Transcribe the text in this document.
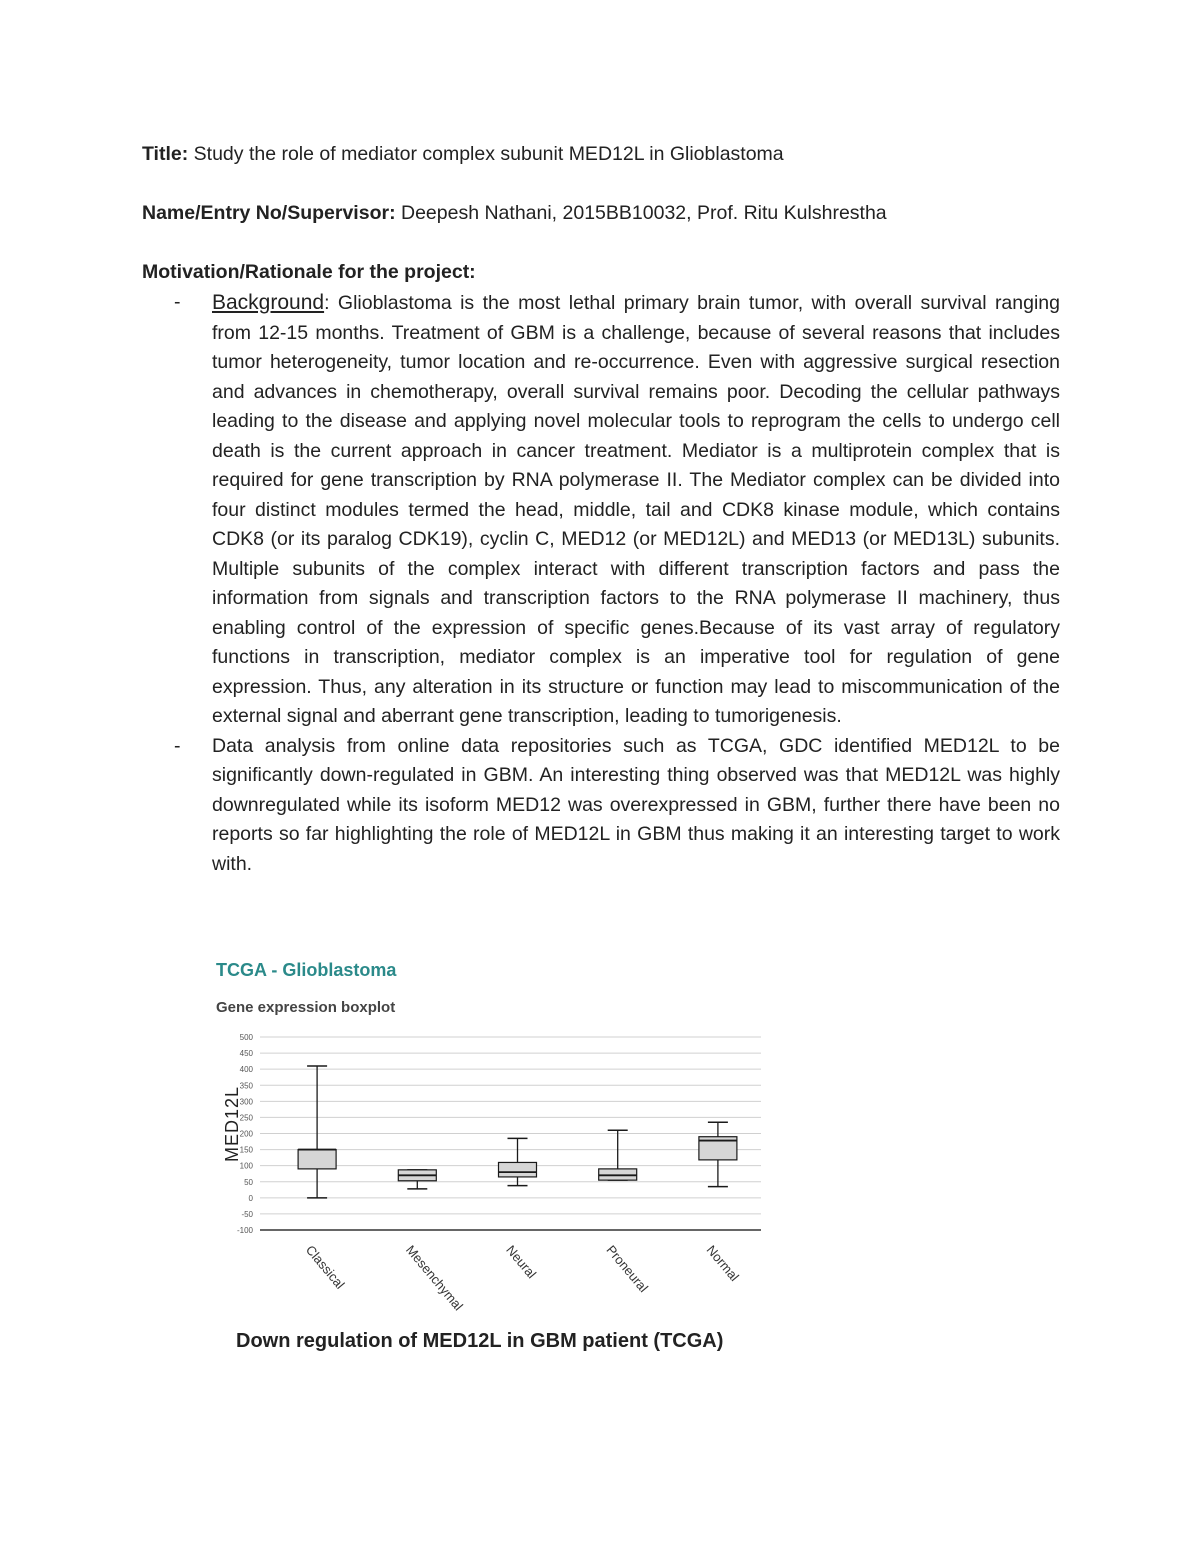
Title: Study the role of mediator complex subunit MED12L in Glioblastoma
Name/Entry No/Supervisor: Deepesh Nathani, 2015BB10032, Prof. Ritu Kulshrestha
Motivation/Rationale for the project:
- Background: Glioblastoma is the most lethal primary brain tumor, with overall survival ranging from 12-15 months. Treatment of GBM is a challenge, because of several reasons that includes tumor heterogeneity, tumor location and re-occurrence. Even with aggressive surgical resection and advances in chemotherapy, overall survival remains poor. Decoding the cellular pathways leading to the disease and applying novel molecular tools to reprogram the cells to undergo cell death is the current approach in cancer treatment. Mediator is a multiprotein complex that is required for gene transcription by RNA polymerase II. The Mediator complex can be divided into four distinct modules termed the head, middle, tail and CDK8 kinase module, which contains CDK8 (or its paralog CDK19), cyclin C, MED12 (or MED12L) and MED13 (or MED13L) subunits. Multiple subunits of the complex interact with different transcription factors and pass the information from signals and transcription factors to the RNA polymerase II machinery, thus enabling control of the expression of specific genes.Because of its vast array of regulatory functions in transcription, mediator complex is an imperative tool for regulation of gene expression. Thus, any alteration in its structure or function may lead to miscommunication of the external signal and aberrant gene transcription, leading to tumorigenesis.
- Data analysis from online data repositories such as TCGA, GDC identified MED12L to be significantly down-regulated in GBM. An interesting thing observed was that MED12L was highly downregulated while its isoform MED12 was overexpressed in GBM, further there have been no reports so far highlighting the role of MED12L in GBM thus making it an interesting target to work with.
TCGA - Glioblastoma
Gene expression boxplot
500
450
400
350
300
250
200
150
100
50
0
-50
-100
MED12L
Classical	Mesenchymal	Neural	Proneural	Normal
Down regulation of MED12L in GBM patient (TCGA)
